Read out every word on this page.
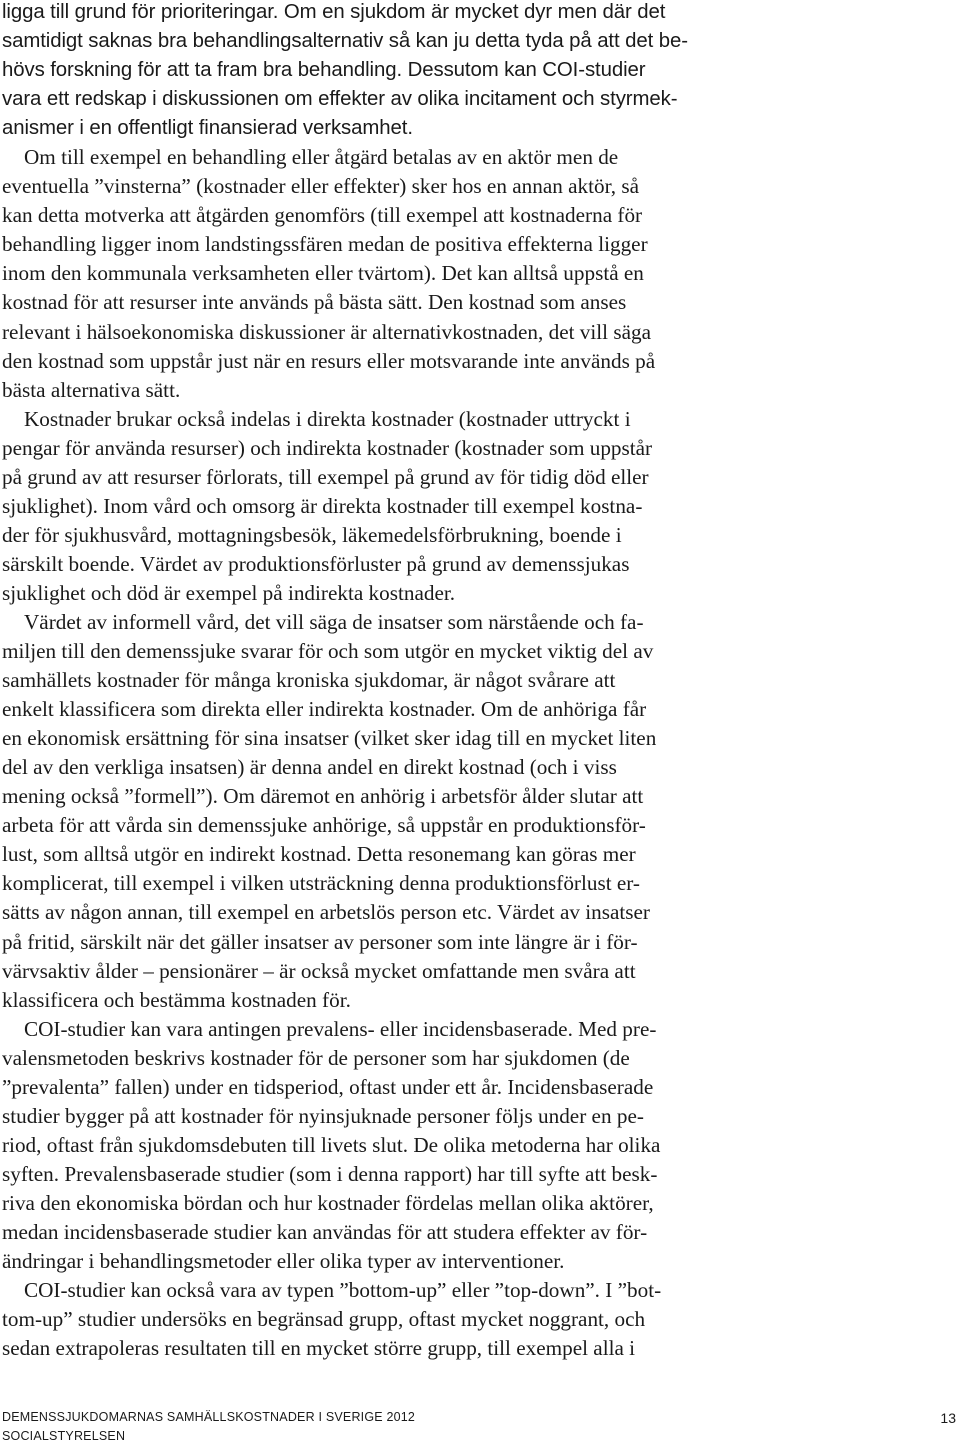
ligga till grund för prioriteringar. Om en sjukdom är mycket dyr men där det
samtidigt saknas bra behandlingsalternativ så kan ju detta tyda på att det be-
hövs forskning för att ta fram bra behandling. Dessutom kan COI-studier
vara ett redskap i diskussionen om effekter av olika incitament och styrmek-
anismer i en offentligt finansierad verksamhet.
Om till exempel en behandling eller åtgärd betalas av en aktör men de
eventuella ”vinsterna” (kostnader eller effekter) sker hos en annan aktör, så
kan detta motverka att åtgärden genomförs (till exempel att kostnaderna för
behandling ligger inom landstingssfären medan de positiva effekterna ligger
inom den kommunala verksamheten eller tvärtom). Det kan alltså uppstå en
kostnad för att resurser inte används på bästa sätt. Den kostnad som anses
relevant i hälsoekonomiska diskussioner är alternativkostnaden, det vill säga
den kostnad som uppstår just när en resurs eller motsvarande inte används på
bästa alternativa sätt.
Kostnader brukar också indelas i direkta kostnader (kostnader uttryckt i
pengar för använda resurser) och indirekta kostnader (kostnader som uppstår
på grund av att resurser förlorats, till exempel på grund av för tidig död eller
sjuklighet). Inom vård och omsorg är direkta kostnader till exempel kostna-
der för sjukhusvård, mottagningsbesök, läkemedelsförbrukning, boende i
särskilt boende. Värdet av produktionsförluster på grund av demenssjukas
sjuklighet och död är exempel på indirekta kostnader.
Värdet av informell vård, det vill säga de insatser som närstående och fa-
miljen till den demenssjuke svarar för och som utgör en mycket viktig del av
samhällets kostnader för många kroniska sjukdomar, är något svårare att
enkelt klassificera som direkta eller indirekta kostnader. Om de anhöriga får
en ekonomisk ersättning för sina insatser (vilket sker idag till en mycket liten
del av den verkliga insatsen) är denna andel en direkt kostnad (och i viss
mening också ”formell”). Om däremot en anhörig i arbetsför ålder slutar att
arbeta för att vårda sin demenssjuke anhörige, så uppstår en produktionsför-
lust, som alltså utgör en indirekt kostnad. Detta resonemang kan göras mer
komplicerat, till exempel i vilken utsträckning denna produktionsförlust er-
sätts av någon annan, till exempel en arbetslös person etc. Värdet av insatser
på fritid, särskilt när det gäller insatser av personer som inte längre är i för-
värvsaktiv ålder – pensionärer – är också mycket omfattande men svåra att
klassificera och bestämma kostnaden för.
COI-studier kan vara antingen prevalens- eller incidensbaserade. Med pre-
valensmetoden beskrivs kostnader för de personer som har sjukdomen (de
”prevalenta” fallen) under en tidsperiod, oftast under ett år. Incidensbaserade
studier bygger på att kostnader för nyinsjuknade personer följs under en pe-
riod, oftast från sjukdomsdebuten till livets slut. De olika metoderna har olika
syften. Prevalensbaserade studier (som i denna rapport) har till syfte att besk-
riva den ekonomiska bördan och hur kostnader fördelas mellan olika aktörer,
medan incidensbaserade studier kan användas för att studera effekter av för-
ändringar i behandlingsmetoder eller olika typer av interventioner.
COI-studier kan också vara av typen ”bottom-up” eller ”top-down”. I ”bot-
tom-up” studier undersöks en begränsad grupp, oftast mycket noggrant, och
sedan extrapoleras resultaten till en mycket större grupp, till exempel alla i
DEMENSSJUKDOMARNAS SAMHÄLLSKOSTNADER I SVERIGE 2012
SOCIALSTYRELSEN
13
